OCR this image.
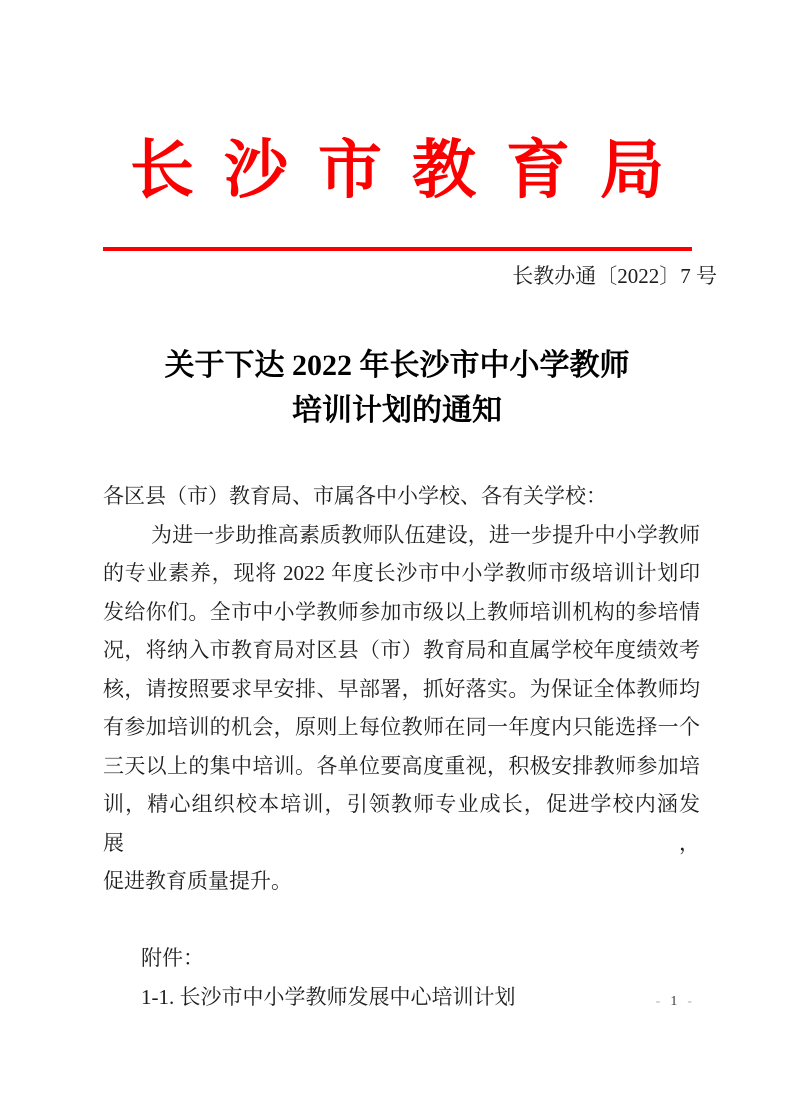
长沙市教育局
长教办通〔2022〕7 号
关于下达 2022 年长沙市中小学教师
培训计划的通知
各区县（市）教育局、市属各中小学校、各有关学校：
为进一步助推高素质教师队伍建设，进一步提升中小学教师
的专业素养，现将 2022 年度长沙市中小学教师市级培训计划印
发给你们。全市中小学教师参加市级以上教师培训机构的参培情
况，将纳入市教育局对区县（市）教育局和直属学校年度绩效考
核，请按照要求早安排、早部署，抓好落实。为保证全体教师均
有参加培训的机会，原则上每位教师在同一年度内只能选择一个
三天以上的集中培训。各单位要高度重视，积极安排教师参加培
训，精心组织校本培训，引领教师专业成长，促进学校内涵发展，
促进教育质量提升。
附件：
1-1. 长沙市中小学教师发展中心培训计划	- 1 -
